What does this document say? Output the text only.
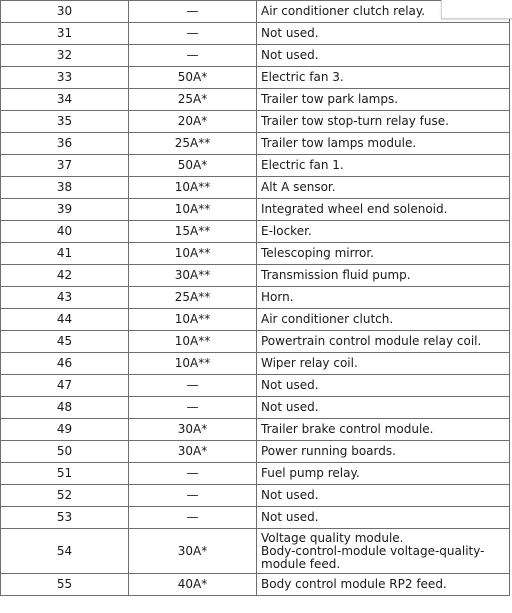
30	—	Air conditioner clutch relay.

31	—	Not used.

32	—	Not used.

33	50A*	Electric fan 3.

34	25A*	Trailer tow park lamps.

35	20A*	Trailer tow stop-turn relay fuse.

36	25A**	Trailer tow lamps module.

37	50A*	Electric fan 1.

38	10A**	Alt A sensor.

39	10A**	Integrated wheel end solenoid.

40	15A**	E-locker.

41	10A**	Telescoping mirror.

42	30A**	Transmission fluid pump.

43	25A**	Horn.

44	10A**	Air conditioner clutch.

45	10A**	Powertrain control module relay coil.

46	10A**	Wiper relay coil.

47	—	Not used.

48	—	Not used.

49	30A*	Trailer brake control module.

50	30A*	Power running boards.

51	—	Fuel pump relay.

52	—	Not used.

53	—	Not used.

54	30A*	Voltage quality module.
Body-control-module voltage-quality-
module feed.

55	40A*	Body control module RP2 feed.
